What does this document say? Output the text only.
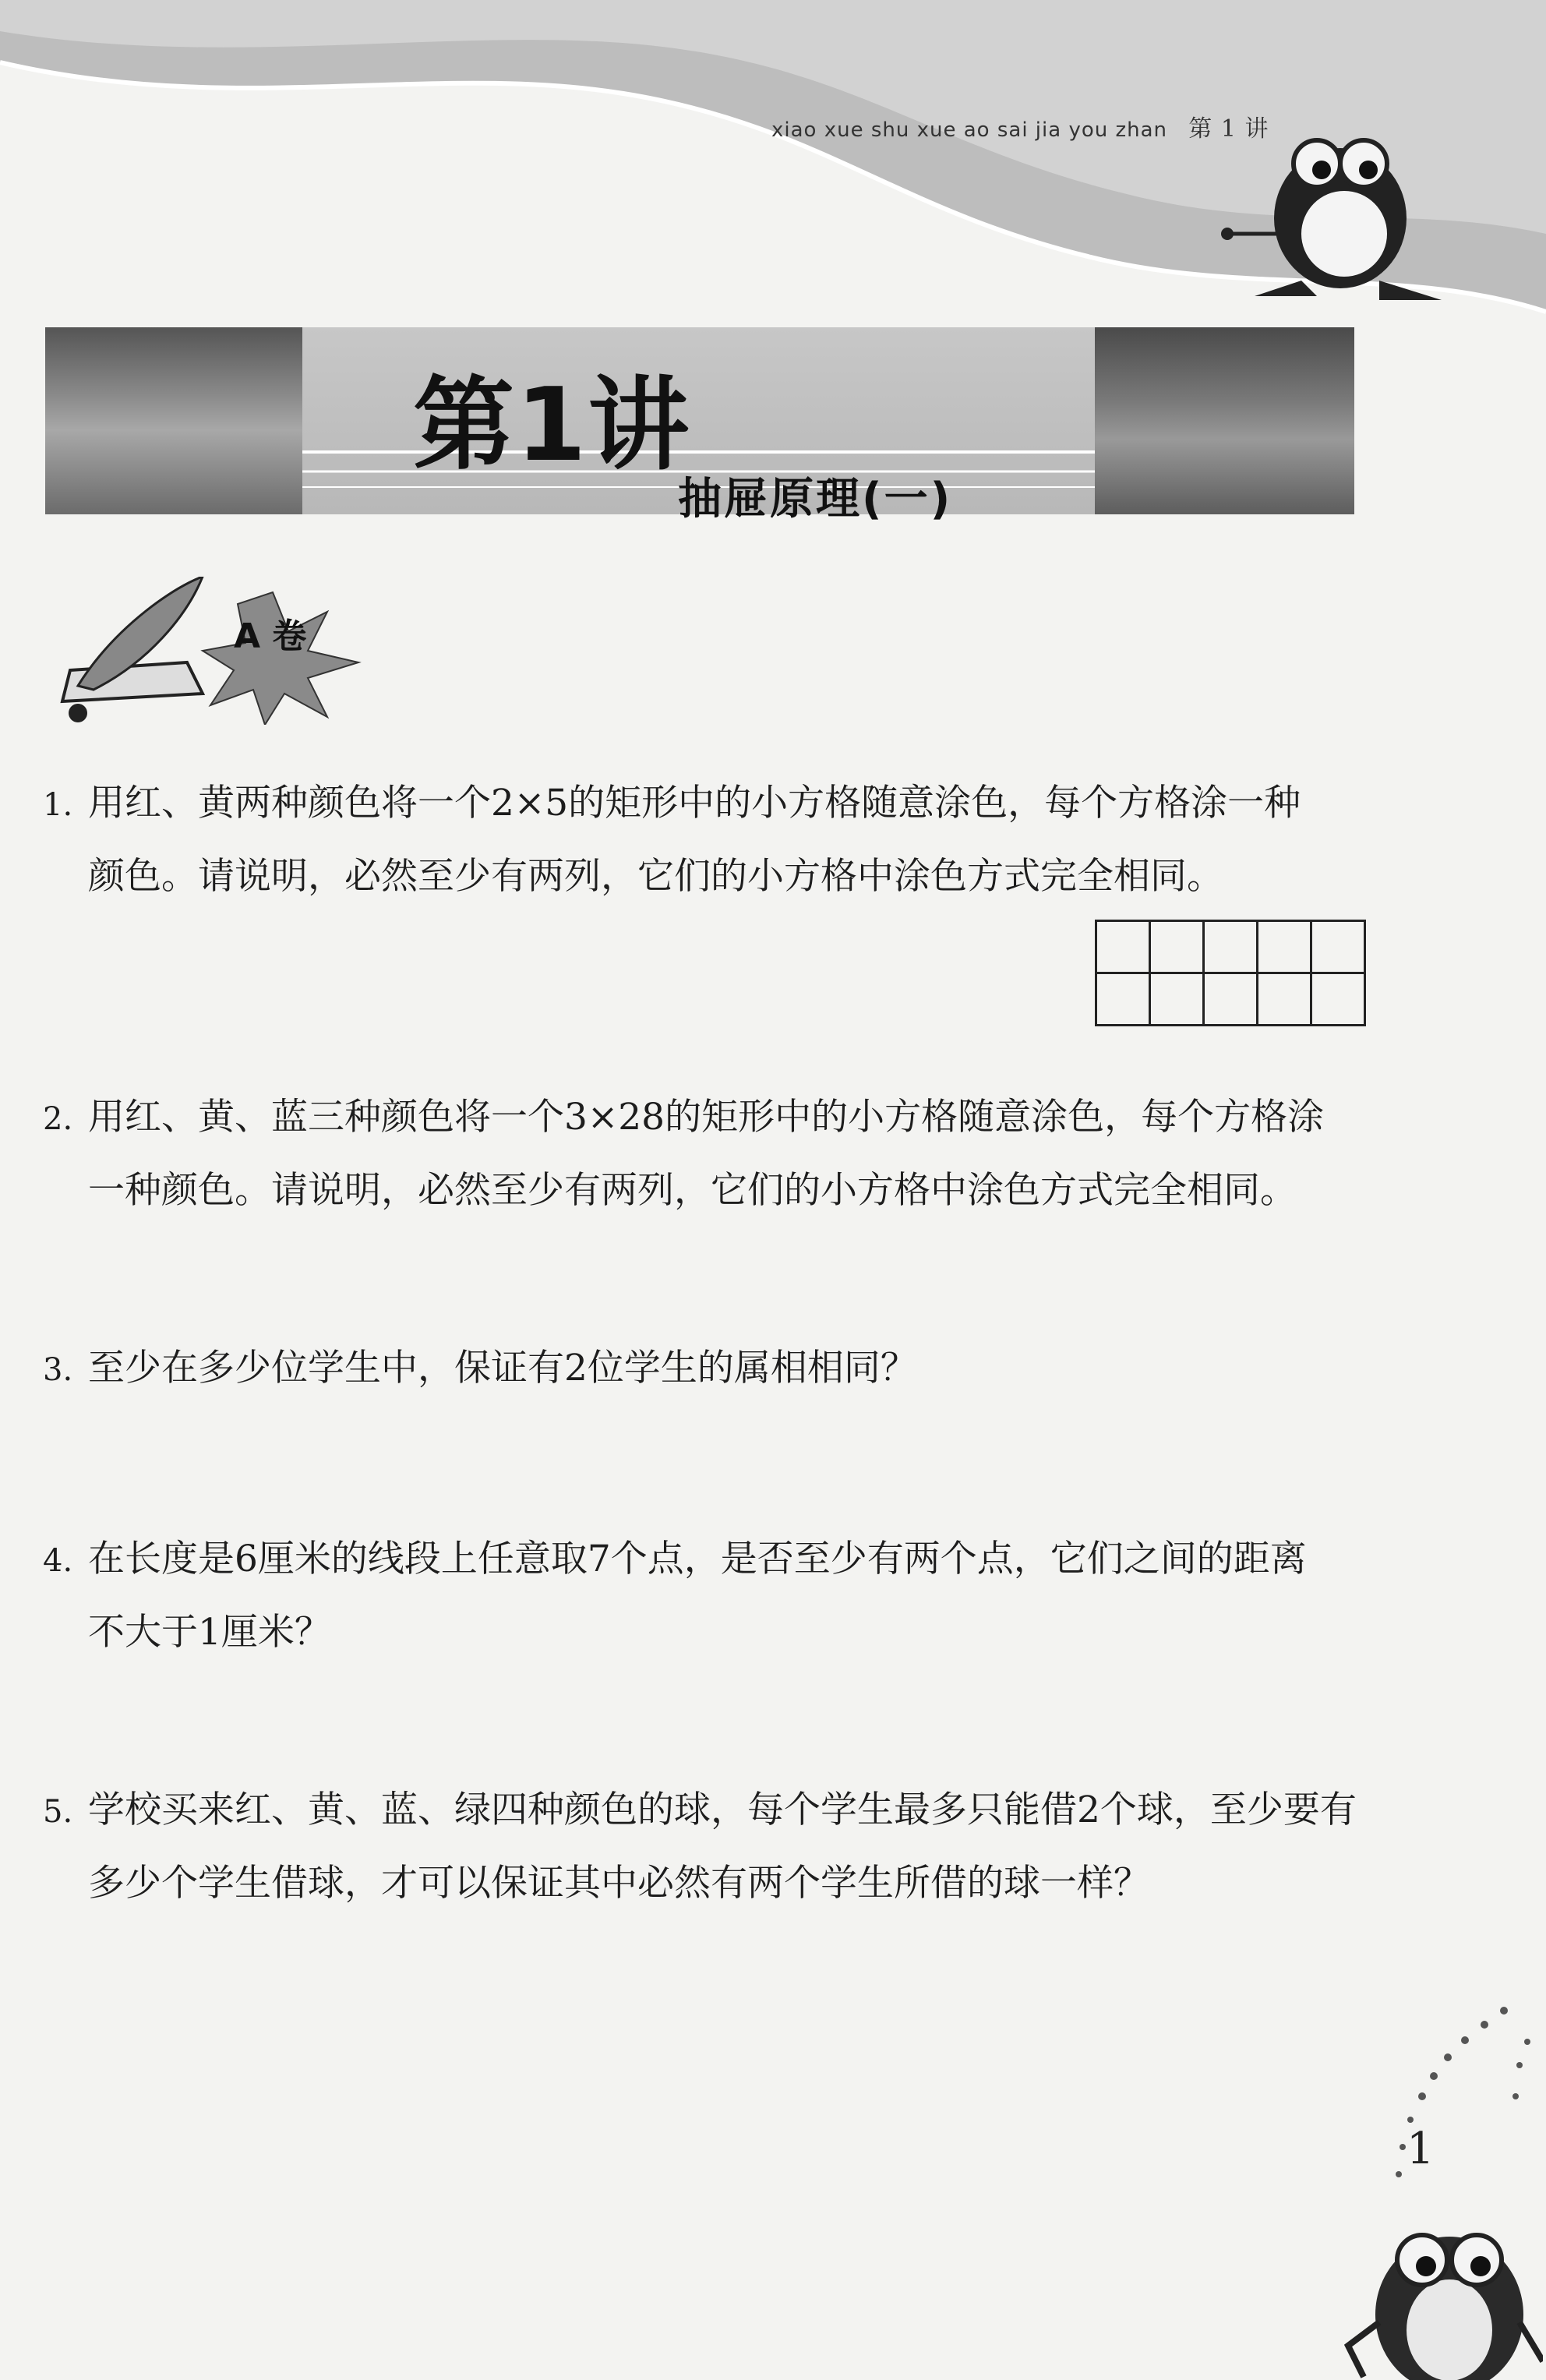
xiao xue shu xue ao sai jia you zhan 第 1 讲
第1讲
抽屉原理(一)
A 卷
1. 用红、黄两种颜色将一个2×5的矩形中的小方格随意涂色，每个方格涂一种
颜色。请说明，必然至少有两列，它们的小方格中涂色方式完全相同。

2. 用红、黄、蓝三种颜色将一个3×28的矩形中的小方格随意涂色，每个方格涂
一种颜色。请说明，必然至少有两列，它们的小方格中涂色方式完全相同。
3. 至少在多少位学生中，保证有2位学生的属相相同？
4. 在长度是6厘米的线段上任意取7个点，是否至少有两个点，它们之间的距离
不大于1厘米？
5. 学校买来红、黄、蓝、绿四种颜色的球，每个学生最多只能借2个球，至少要有
多少个学生借球，才可以保证其中必然有两个学生所借的球一样？
1
